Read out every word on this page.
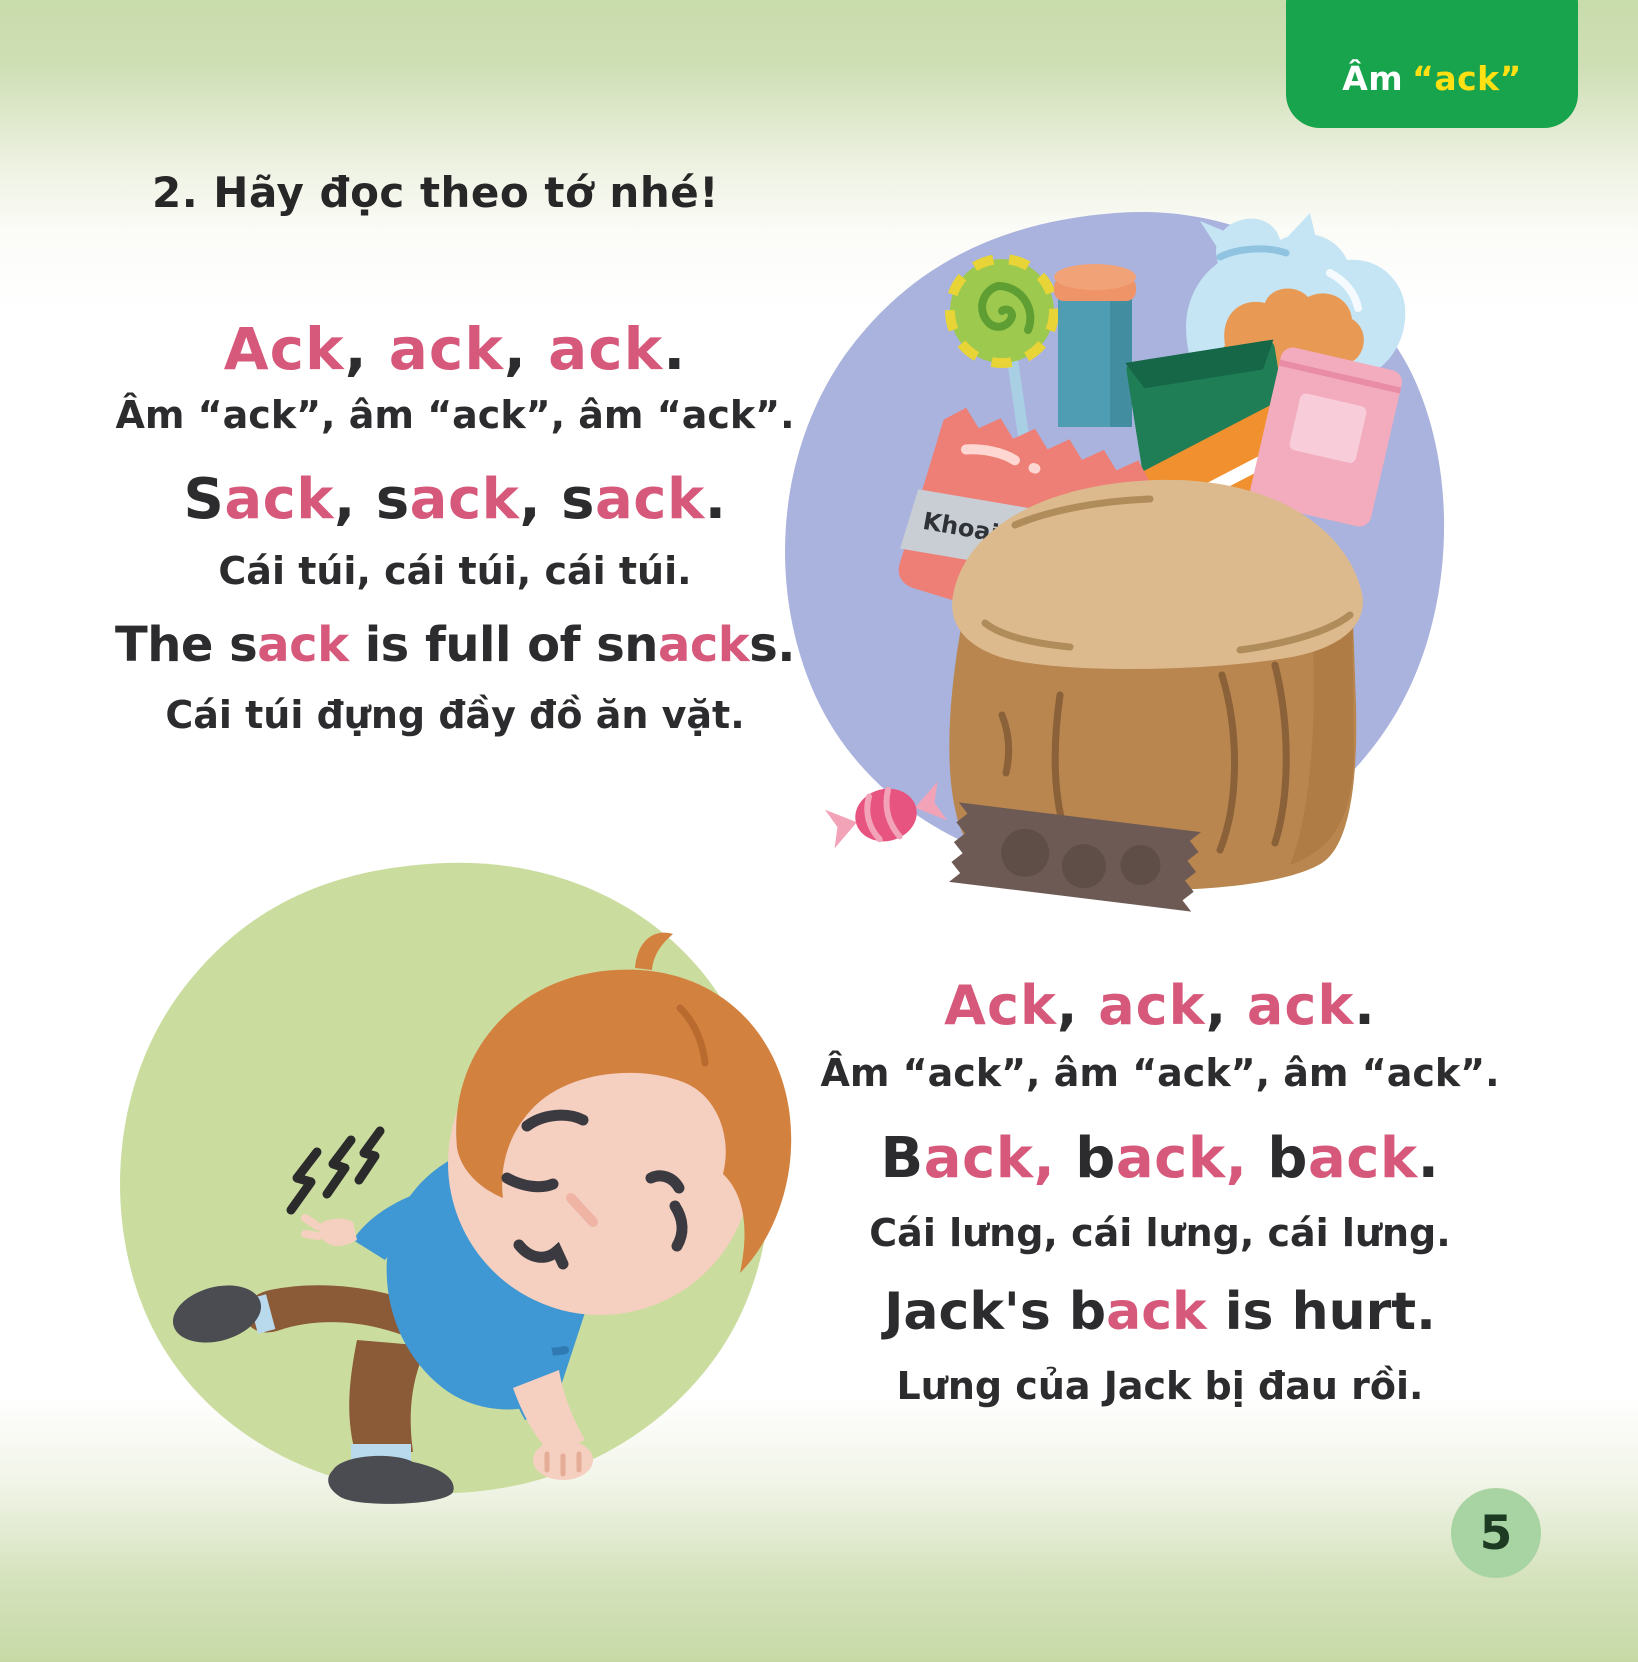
Âm “ack”
2. Hãy đọc theo tớ nhé!
Khoai
Ack, ack, ack.
Âm “ack”, âm “ack”, âm “ack”.
Sack, sack, sack.
Cái túi, cái túi, cái túi.
The sack is full of snacks.
Cái túi đựng đầy đồ ăn vặt.
Ack, ack, ack.
Âm “ack”, âm “ack”, âm “ack”.
Back, back, back.
Cái lưng, cái lưng, cái lưng.
Jack's back is hurt.
Lưng của Jack bị đau rồi.
5
